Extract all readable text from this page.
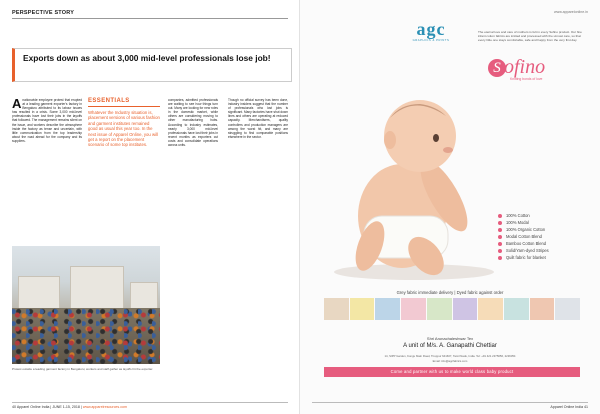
PERSPECTIVE STORY
Exports down as about 3,000 mid-level professionals lose job!
A nationwide employee protest that erupted at a leading garment exporter's factory in Bengaluru attributed to its labour issues has resulted in a crisis. Some 3,000 mid-level professionals have lost their jobs in the layoffs that followed. The management remains silent on the issue, and workers describe the atmosphere inside the factory as tense and uncertain, with little communication from the top leadership about the road ahead for the company and its suppliers.
ESSENTIALS
Whatever the Industry situation is, placement versions of various fashion and garment institutes remained good as usual this year too. In the next issue of Apparel Online, you will get a report on the placement scenario of some top institutes.
companies, admitted professionals are waiting to see how things turn out. Many are looking for new roles in the domestic market, while others are considering moving to other manufacturing hubs. According to industry estimates, nearly 3,000 mid-level professionals have lost their jobs in recent months as exporters cut costs and consolidate operations across units.
Though no official survey has been done, industry insiders suggest that the number of professionals who lost jobs is significant. Many factories have shut down lines and others are operating at reduced capacity. Merchandisers, quality controllers and production managers are among the worst hit, and many are struggling to find comparable positions elsewhere in the sector.
Protest outside a leading garment factory in Bengaluru; workers and staff gather as layoffs hit the exporter.
40 Apparel Online India | JUNE 1-15, 2018 | www.apparelresources.com
www.apparelonline.in
agc
GRAPHICS & PRINTS
The eternal love and care of mothers is felt in every Sofino product. Our fine infant cotton fabrics are knitted and processed with the utmost care, so that every little one stays comfortable, safe and happy from the very first day.
S ofino
Knitting bonds of love
100% Cotton
100% Modal
100% Organic Cotton
Modal Cotton Blend
Bamboo Cotton Blend
Solid/Yarn-dyed Stripes
Quilt fabric for blanket
Grey fabric immediate delivery | Dyed fabric against order
Shri Arunachaleshwar Tex
A unit of M/s. A. Ganapathi Chettiar
14, SIPP Garden, Kongu Main Road, Tiruppur 641607, Tamil Nadu, India. Tel: +91 421 2375656, 2236354
Email: info@agcfabrics.com
Come and partner with us to make world class baby product
Apparel Online India 41
